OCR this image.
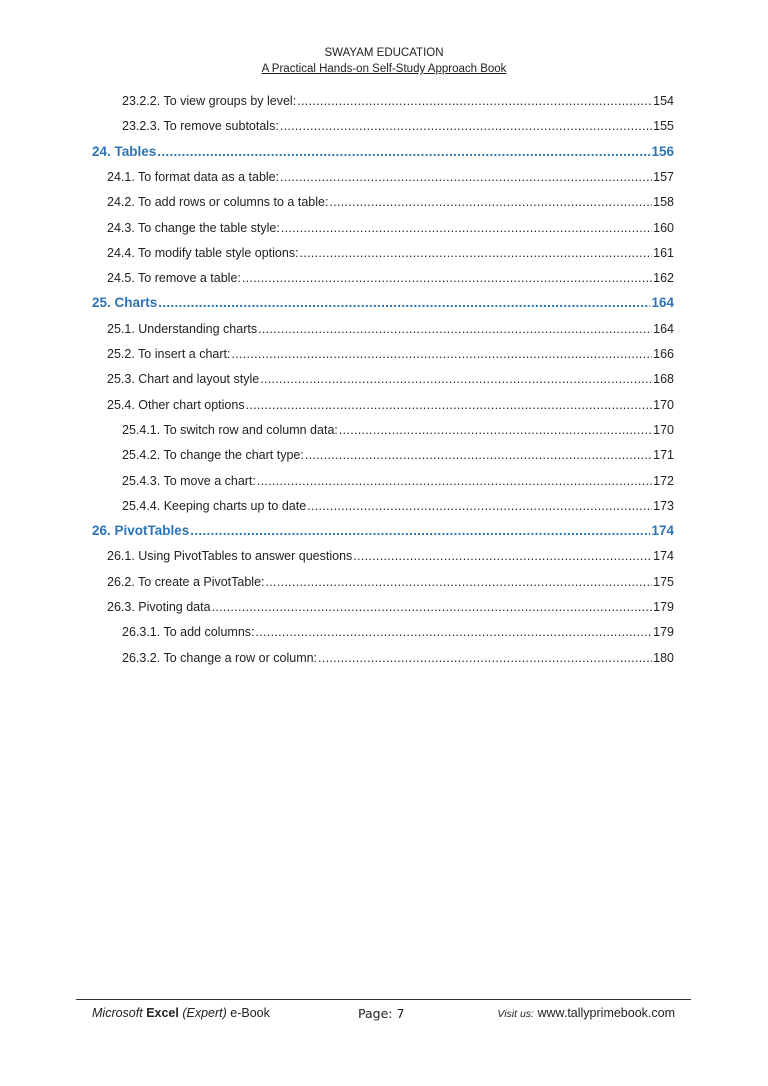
SWAYAM EDUCATION
A Practical Hands-on Self-Study Approach Book
23.2.2. To view groups by level: .....	154
23.2.3. To remove subtotals: .....	155
24. Tables .....	156
24.1. To format data as a table: .....	157
24.2. To add rows or columns to a table: .....	158
24.3. To change the table style: .....	160
24.4. To modify table style options: .....	161
24.5. To remove a table: .....	162
25. Charts .....	164
25.1. Understanding charts .....	164
25.2. To insert a chart: .....	166
25.3. Chart and layout style .....	168
25.4. Other chart options .....	170
25.4.1. To switch row and column data: .....	170
25.4.2. To change the chart type: .....	171
25.4.3. To move a chart: .....	172
25.4.4. Keeping charts up to date .....	173
26. PivotTables .....	174
26.1. Using PivotTables to answer questions .....	174
26.2. To create a PivotTable: .....	175
26.3. Pivoting data .....	179
26.3.1. To add columns: .....	179
26.3.2. To change a row or column: .....	180
Microsoft Excel (Expert) e-Book	Page: 7	Visit us: www.tallyprimebook.com
